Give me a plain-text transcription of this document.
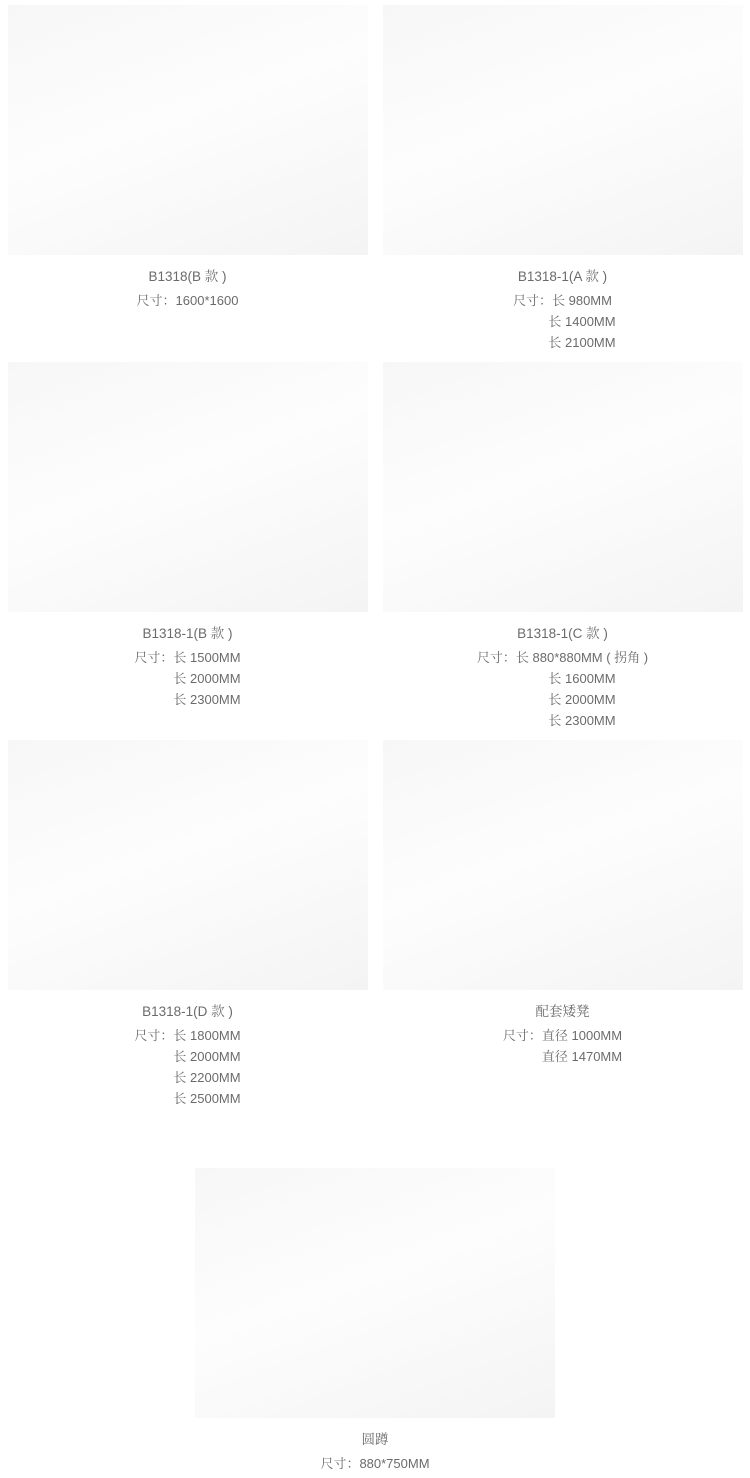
B1318(B 款 )
尺寸：1600*1600
B1318-1(A 款 )
尺寸：长 980MM
　　　长 1400MM
　　　长 2100MM
B1318-1(B 款 )
尺寸：长 1500MM
　　　长 2000MM
　　　长 2300MM
B1318-1(C 款 )
尺寸：长 880*880MM ( 拐角 )
　　　长 1600MM
　　　长 2000MM
　　　长 2300MM
B1318-1(D 款 )
尺寸：长 1800MM
　　　长 2000MM
　　　长 2200MM
　　　长 2500MM
配套矮凳
尺寸：直径 1000MM
　　　直径 1470MM
圆蹲
尺寸：880*750MM
